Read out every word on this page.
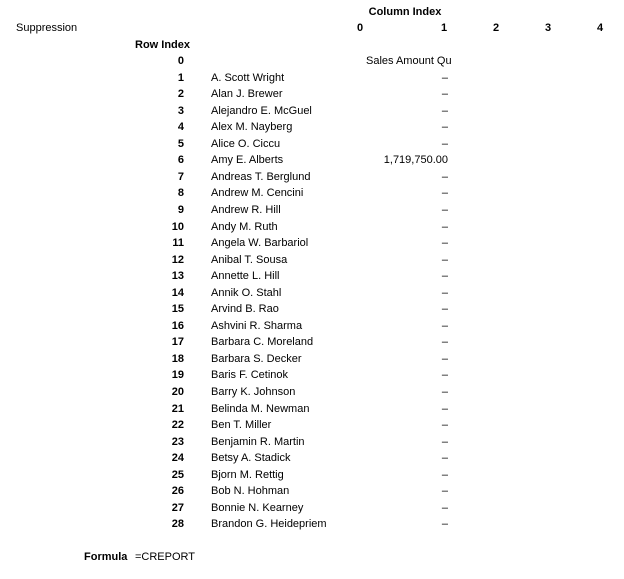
Column Index
0	1	2	3	4
Suppression
Row Index
0	Sales Amount Qu
1 A. Scott Wright	–
2 Alan J. Brewer	–
3 Alejandro E. McGuel	–
4 Alex M. Nayberg	–
5 Alice O. Ciccu	–
6 Amy E. Alberts	1,719,750.00
7 Andreas T. Berglund	–
8 Andrew M. Cencini	–
9 Andrew R. Hill	–
10 Andy M. Ruth	–
11 Angela W. Barbariol	–
12 Anibal T. Sousa	–
13 Annette L. Hill	–
14 Annik O. Stahl	–
15 Arvind B. Rao	–
16 Ashvini R. Sharma	–
17 Barbara C. Moreland	–
18 Barbara S. Decker	–
19 Baris F. Cetinok	–
20 Barry K. Johnson	–
21 Belinda M. Newman	–
22 Ben T. Miller	–
23 Benjamin R. Martin	–
24 Betsy A. Stadick	–
25 Bjorn M. Rettig	–
26 Bob N. Hohman	–
27 Bonnie N. Kearney	–
28 Brandon G. Heidepriem	–
Formula =CREPORT
